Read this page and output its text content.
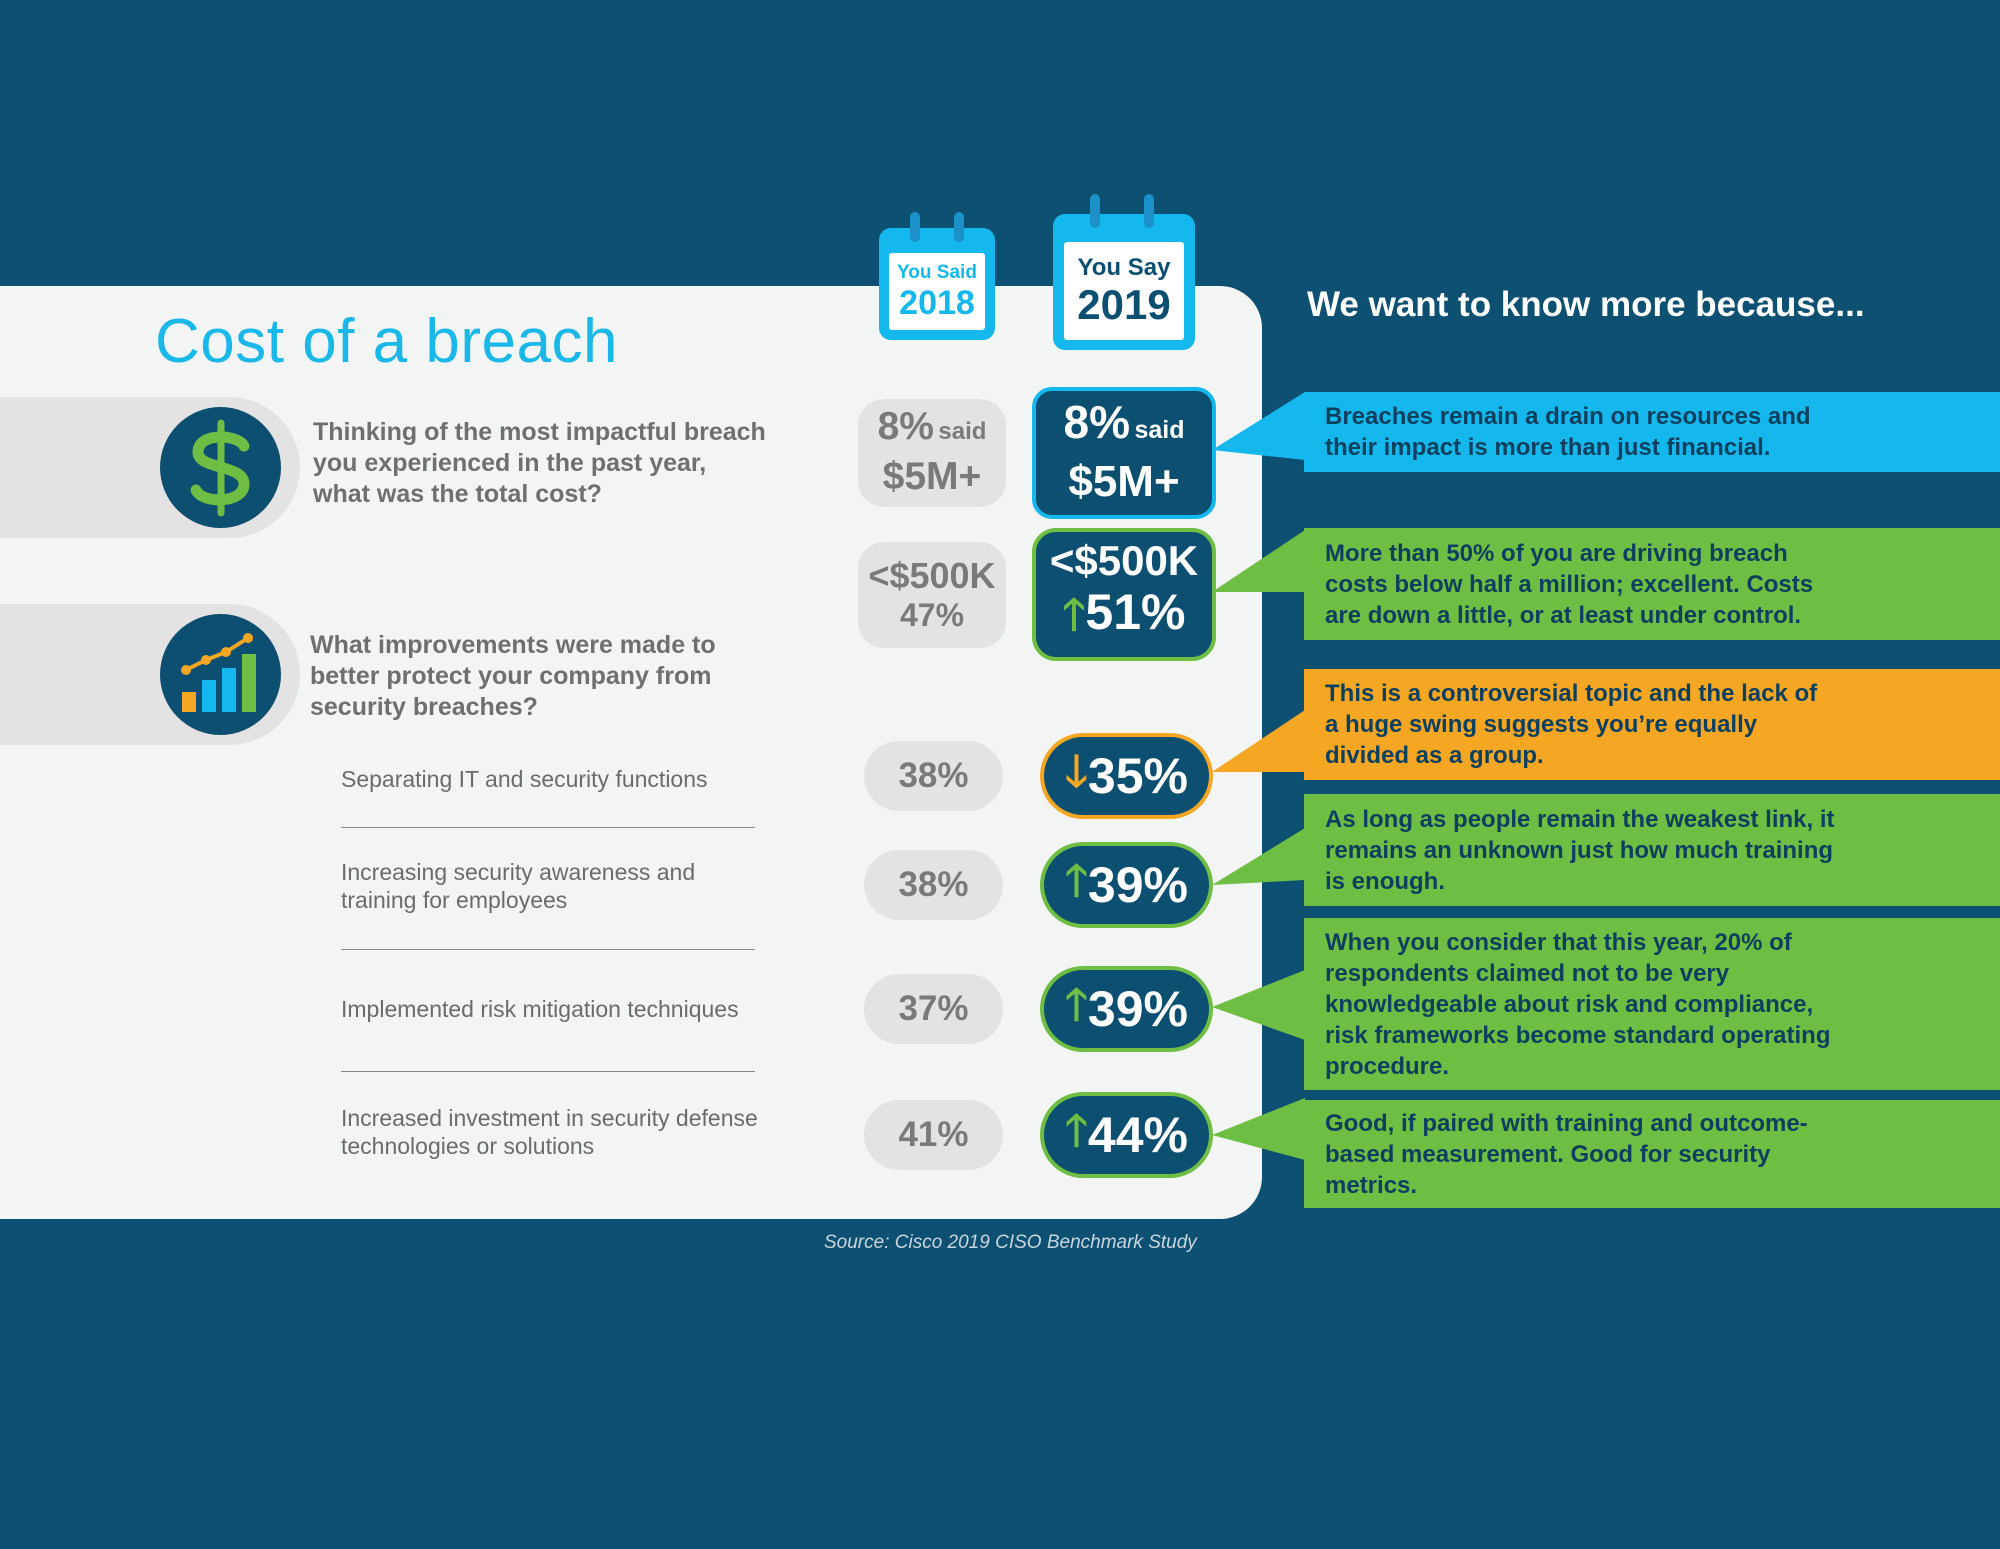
Cost of a breach
Thinking of the most impactful breach
you experienced in the past year,
what was the total cost?
What improvements were made to
better protect your company from
security breaches?
Separating IT and security functions
Increasing security awareness and
training for employees
Implemented risk mitigation techniques
Increased investment in security defense
technologies or solutions
You Said
2018
You Say
2019
8% said
$5M+
<$500K
47%
8% said
$5M+
<$500K
🡑51%
38%
38%
37%
41%
🡓 35%
🡑 39%
🡑 39%
🡑 44%
We want to know more because...
Breaches remain a drain on resources and
their impact is more than just financial.
More than 50% of you are driving breach
costs below half a million; excellent. Costs
are down a little, or at least under control.
This is a controversial topic and the lack of
a huge swing suggests you’re equally
divided as a group.
As long as people remain the weakest link, it
remains an unknown just how much training
is enough.
When you consider that this year, 20% of
respondents claimed not to be very
knowledgeable about risk and compliance,
risk frameworks become standard operating
procedure.
Good, if paired with training and outcome-
based measurement. Good for security
metrics.
Source: Cisco 2019 CISO Benchmark Study
